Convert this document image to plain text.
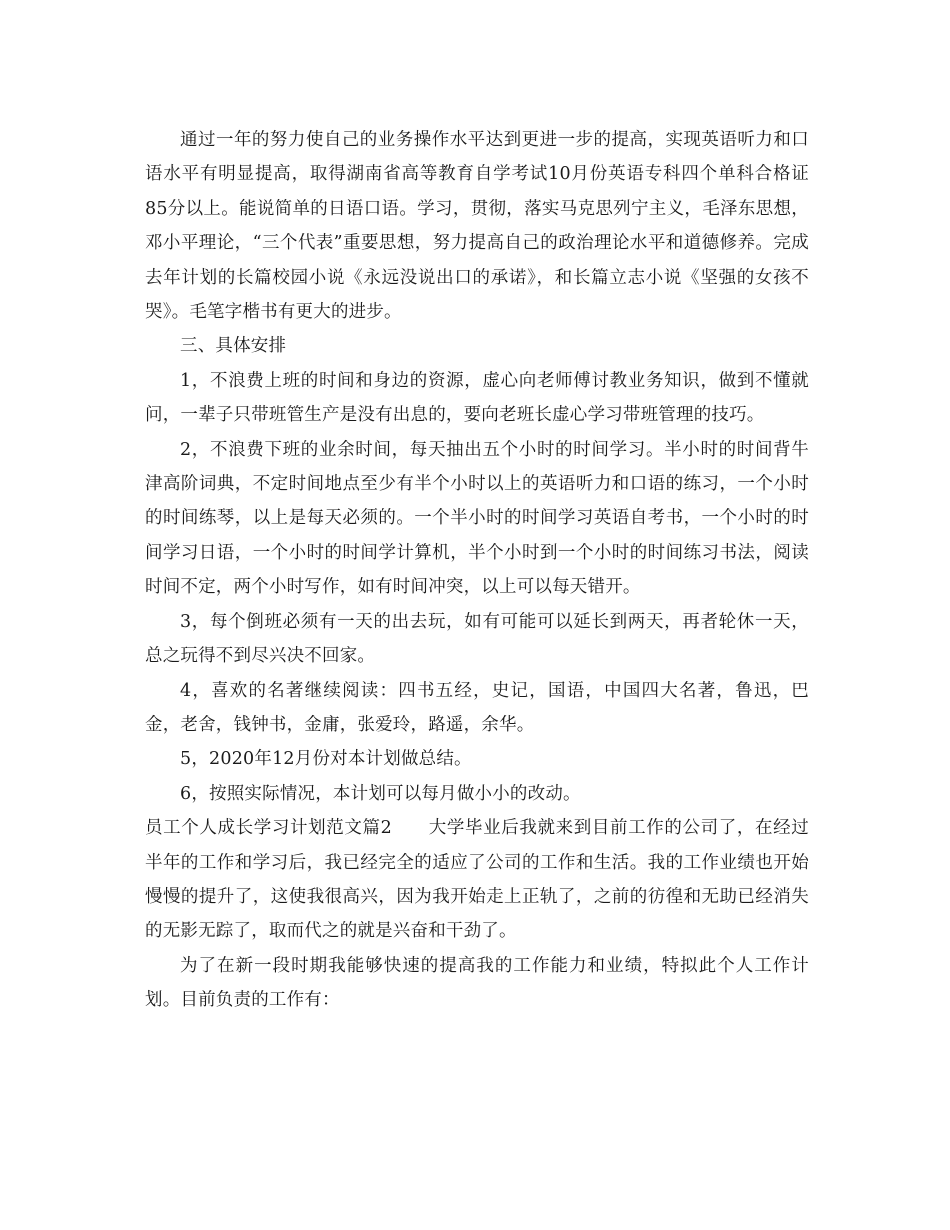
通过一年的努力使自己的业务操作水平达到更进一步的提高，实现英语听力和口语水平有明显提高，取得湖南省高等教育自学考试10月份英语专科四个单科合格证85分以上。能说简单的日语口语。学习，贯彻，落实马克思列宁主义，毛泽东思想，邓小平理论，“三个代表”重要思想，努力提高自己的政治理论水平和道德修养。完成去年计划的长篇校园小说《永远没说出口的承诺》，和长篇立志小说《坚强的女孩不哭》。毛笔字楷书有更大的进步。

三、具体安排

1，不浪费上班的时间和身边的资源，虚心向老师傅讨教业务知识，做到不懂就问，一辈子只带班管生产是没有出息的，要向老班长虚心学习带班管理的技巧。

2，不浪费下班的业余时间，每天抽出五个小时的时间学习。半小时的时间背牛津高阶词典，不定时间地点至少有半个小时以上的英语听力和口语的练习，一个小时的时间练琴，以上是每天必须的。一个半小时的时间学习英语自考书，一个小时的时间学习日语，一个小时的时间学计算机，半个小时到一个小时的时间练习书法，阅读时间不定，两个小时写作，如有时间冲突，以上可以每天错开。

3，每个倒班必须有一天的出去玩，如有可能可以延长到两天，再者轮休一天，总之玩得不到尽兴决不回家。

4，喜欢的名著继续阅读：四书五经，史记，国语，中国四大名著，鲁迅，巴金，老舍，钱钟书，金庸，张爱玲，路遥，余华。

5，2020年12月份对本计划做总结。

6，按照实际情况，本计划可以每月做小小的改动。

员工个人成长学习计划范文篇2　　大学毕业后我就来到目前工作的公司了，在经过半年的工作和学习后，我已经完全的适应了公司的工作和生活。我的工作业绩也开始慢慢的提升了，这使我很高兴，因为我开始走上正轨了，之前的彷徨和无助已经消失的无影无踪了，取而代之的就是兴奋和干劲了。

为了在新一段时期我能够快速的提高我的工作能力和业绩，特拟此个人工作计划。目前负责的工作有：
